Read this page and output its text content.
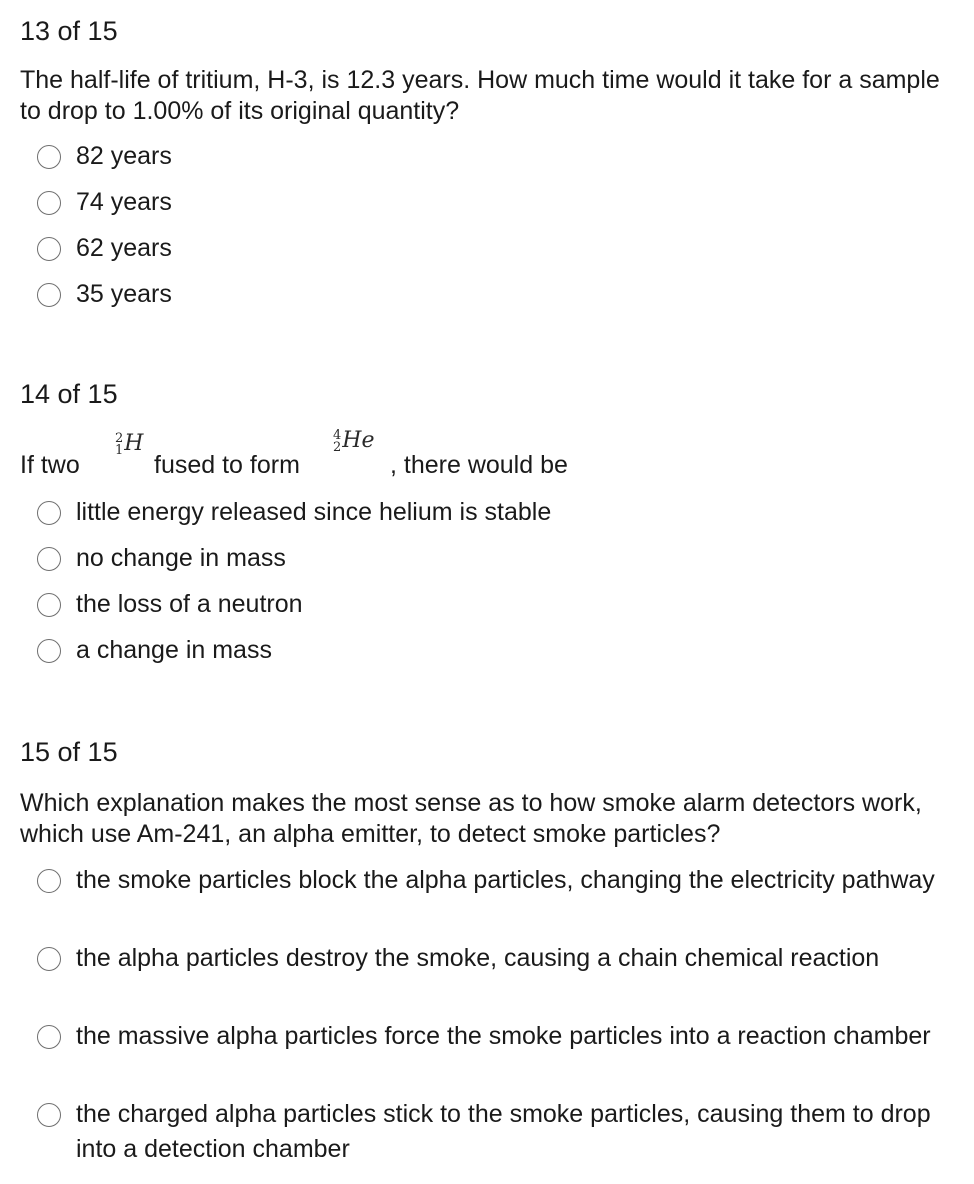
13 of 15

The half-life of tritium, H-3, is 12.3 years. How much time would it take for a sample to drop to 1.00% of its original quantity?

82 years
74 years
62 years
35 years
14 of 15
If two
2
1 H
fused to form
4
2 He
, there would be
little energy released since helium is stable
no change in mass
the loss of a neutron
a change in mass
15 of 15

Which explanation makes the most sense as to how smoke alarm detectors work, which use Am-241, an alpha emitter, to detect smoke particles?

the smoke particles block the alpha particles, changing the electricity pathway
the alpha particles destroy the smoke, causing a chain chemical reaction
the massive alpha particles force the smoke particles into a reaction chamber
the charged alpha particles stick to the smoke particles, causing them to drop into a detection chamber
